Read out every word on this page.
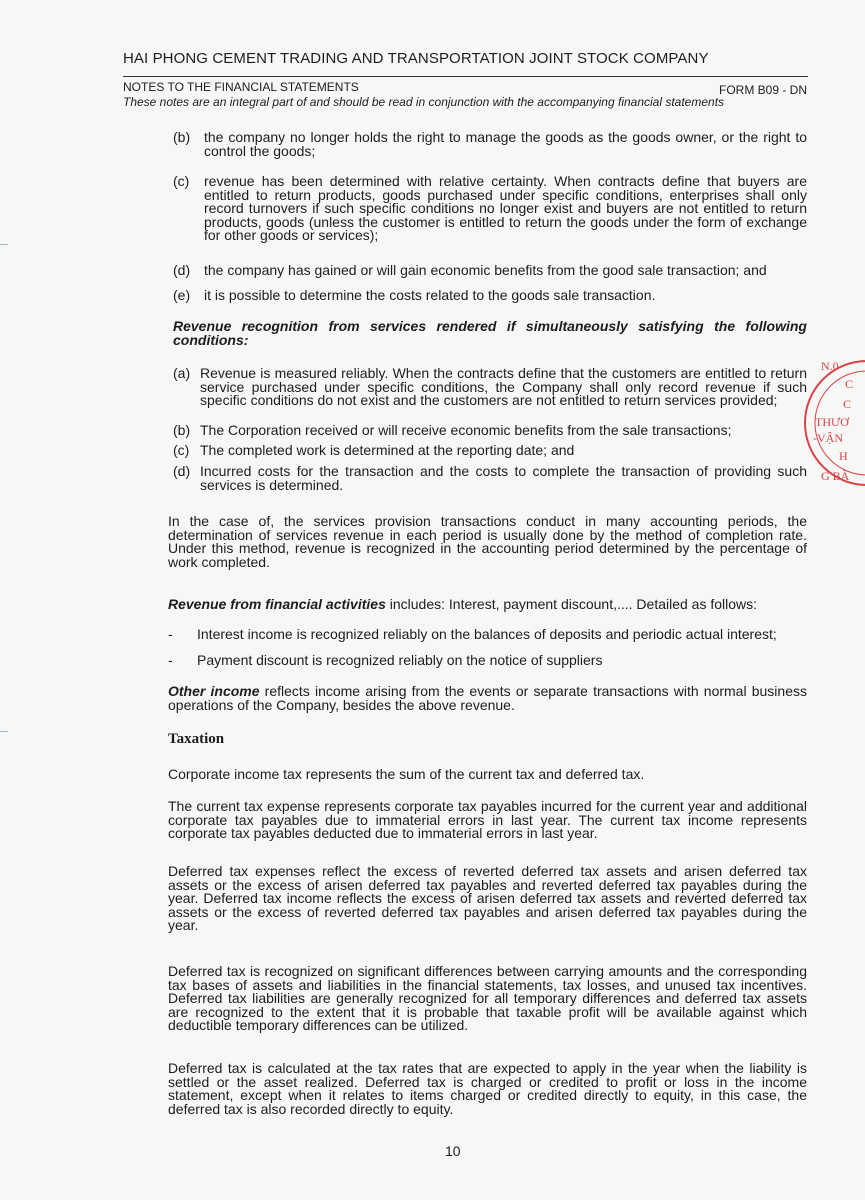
HAI PHONG CEMENT TRADING AND TRANSPORTATION JOINT STOCK COMPANY
NOTES TO THE FINANCIAL STATEMENTS	FORM B09 - DN
These notes are an integral part of and should be read in conjunction with the accompanying financial statements
(b) the company no longer holds the right to manage the goods as the goods owner, or the right to control the goods;
(c) revenue has been determined with relative certainty. When contracts define that buyers are entitled to return products, goods purchased under specific conditions, enterprises shall only record turnovers if such specific conditions no longer exist and buyers are not entitled to return products, goods (unless the customer is entitled to return the goods under the form of exchange for other goods or services);
(d) the company has gained or will gain economic benefits from the good sale transaction; and
(e) it is possible to determine the costs related to the goods sale transaction.
Revenue recognition from services rendered if simultaneously satisfying the following conditions:
(a) Revenue is measured reliably. When the contracts define that the customers are entitled to return service purchased under specific conditions, the Company shall only record revenue if such specific conditions do not exist and the customers are not entitled to return services provided;
(b) The Corporation received or will receive economic benefits from the sale transactions;
(c) The completed work is determined at the reporting date; and
(d) Incurred costs for the transaction and the costs to complete the transaction of providing such services is determined.
In the case of, the services provision transactions conduct in many accounting periods, the determination of services revenue in each period is usually done by the method of completion rate. Under this method, revenue is recognized in the accounting period determined by the percentage of work completed.
Revenue from financial activities includes: Interest, payment discount,.... Detailed as follows:
- Interest income is recognized reliably on the balances of deposits and periodic actual interest;
- Payment discount is recognized reliably on the notice of suppliers
Other income reflects income arising from the events or separate transactions with normal business operations of the Company, besides the above revenue.
Taxation
Corporate income tax represents the sum of the current tax and deferred tax.
The current tax expense represents corporate tax payables incurred for the current year and additional corporate tax payables due to immaterial errors in last year. The current tax income represents corporate tax payables deducted due to immaterial errors in last year.
Deferred tax expenses reflect the excess of reverted deferred tax assets and arisen deferred tax assets or the excess of arisen deferred tax payables and reverted deferred tax payables during the year. Deferred tax income reflects the excess of arisen deferred tax assets and reverted deferred tax assets or the excess of reverted deferred tax payables and arisen deferred tax payables during the year.
Deferred tax is recognized on significant differences between carrying amounts and the corresponding tax bases of assets and liabilities in the financial statements, tax losses, and unused tax incentives. Deferred tax liabilities are generally recognized for all temporary differences and deferred tax assets are recognized to the extent that it is probable that taxable profit will be available against which deductible temporary differences can be utilized.
Deferred tax is calculated at the tax rates that are expected to apply in the year when the liability is settled or the asset realized. Deferred tax is charged or credited to profit or loss in the income statement, except when it relates to items charged or credited directly to equity, in this case, the deferred tax is also recorded directly to equity.
10
N.0
C
C
THƯƠ
-VẬN
H
G BÀ
